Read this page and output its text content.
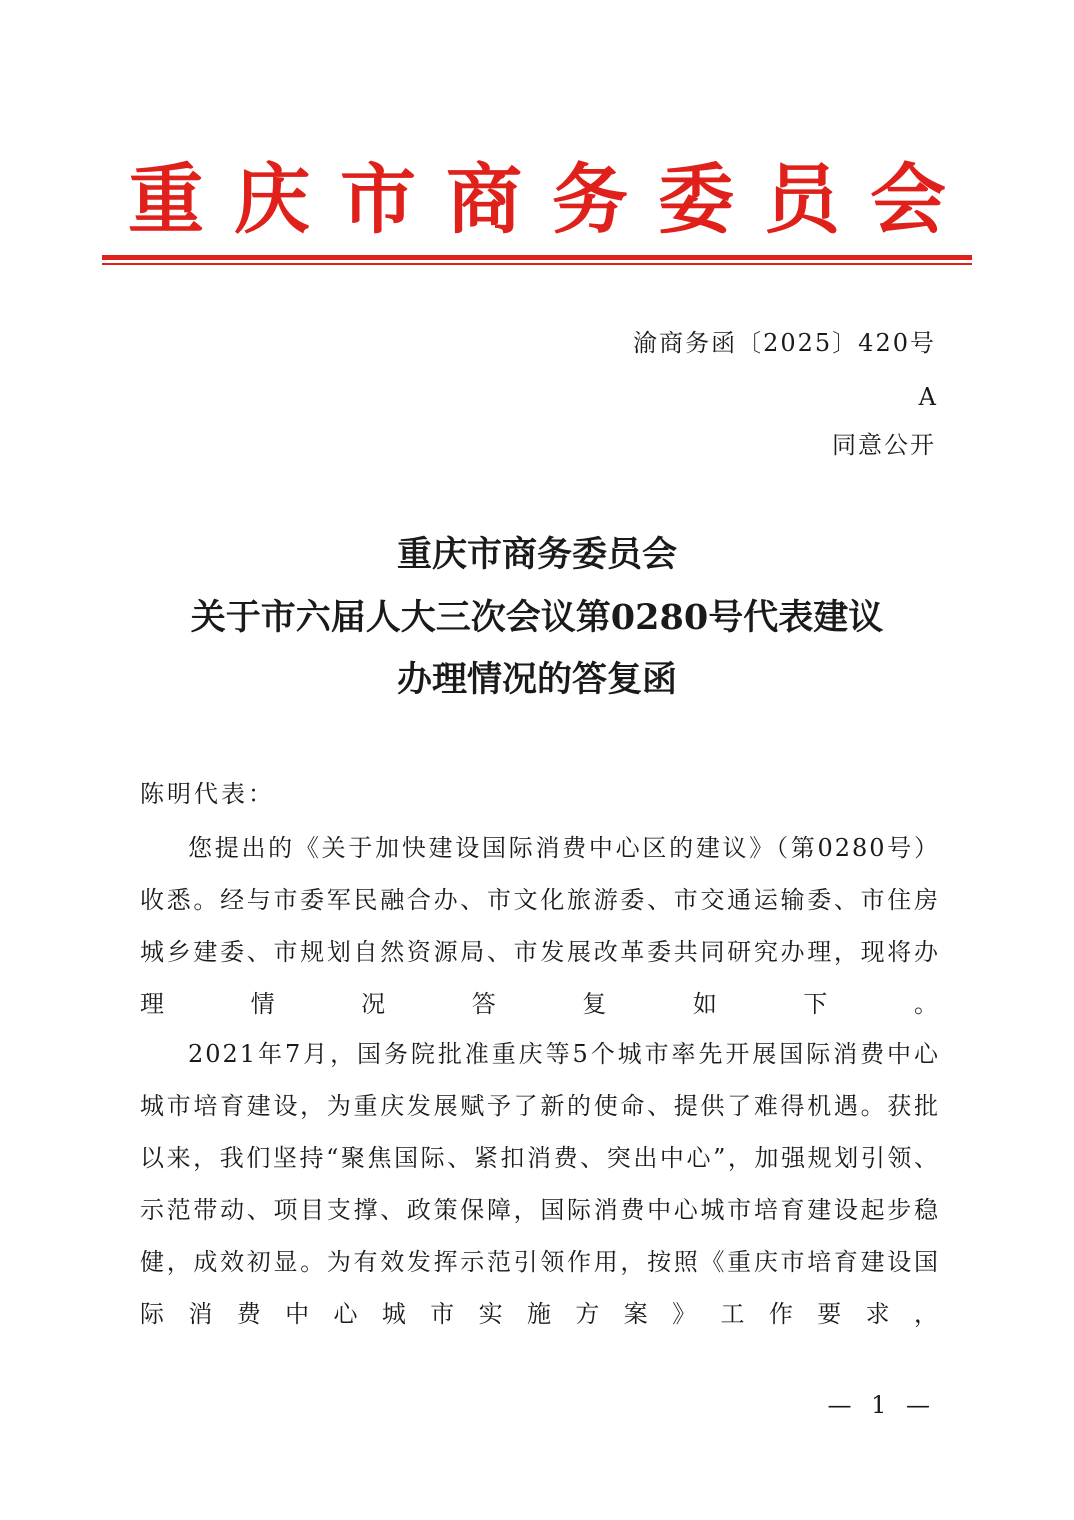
重庆市商务委员会
渝商务函〔2025〕420号
A
同意公开
重庆市商务委员会
关于市六届人大三次会议第0280号代表建议
办理情况的答复函
陈明代表：

您提出的《关于加快建设国际消费中心区的建议》（第0280号）收悉。经与市委军民融合办、市文化旅游委、市交通运输委、市住房城乡建委、市规划自然资源局、市发展改革委共同研究办理，现将办理情况答复如下。

2021年7月，国务院批准重庆等5个城市率先开展国际消费中心城市培育建设，为重庆发展赋予了新的使命、提供了难得机遇。获批以来，我们坚持“聚焦国际、紧扣消费、突出中心”，加强规划引领、示范带动、项目支撑、政策保障，国际消费中心城市培育建设起步稳健，成效初显。为有效发挥示范引领作用，按照《重庆市培育建设国际消费中心城市实施方案》工作要求，

— 1 —
